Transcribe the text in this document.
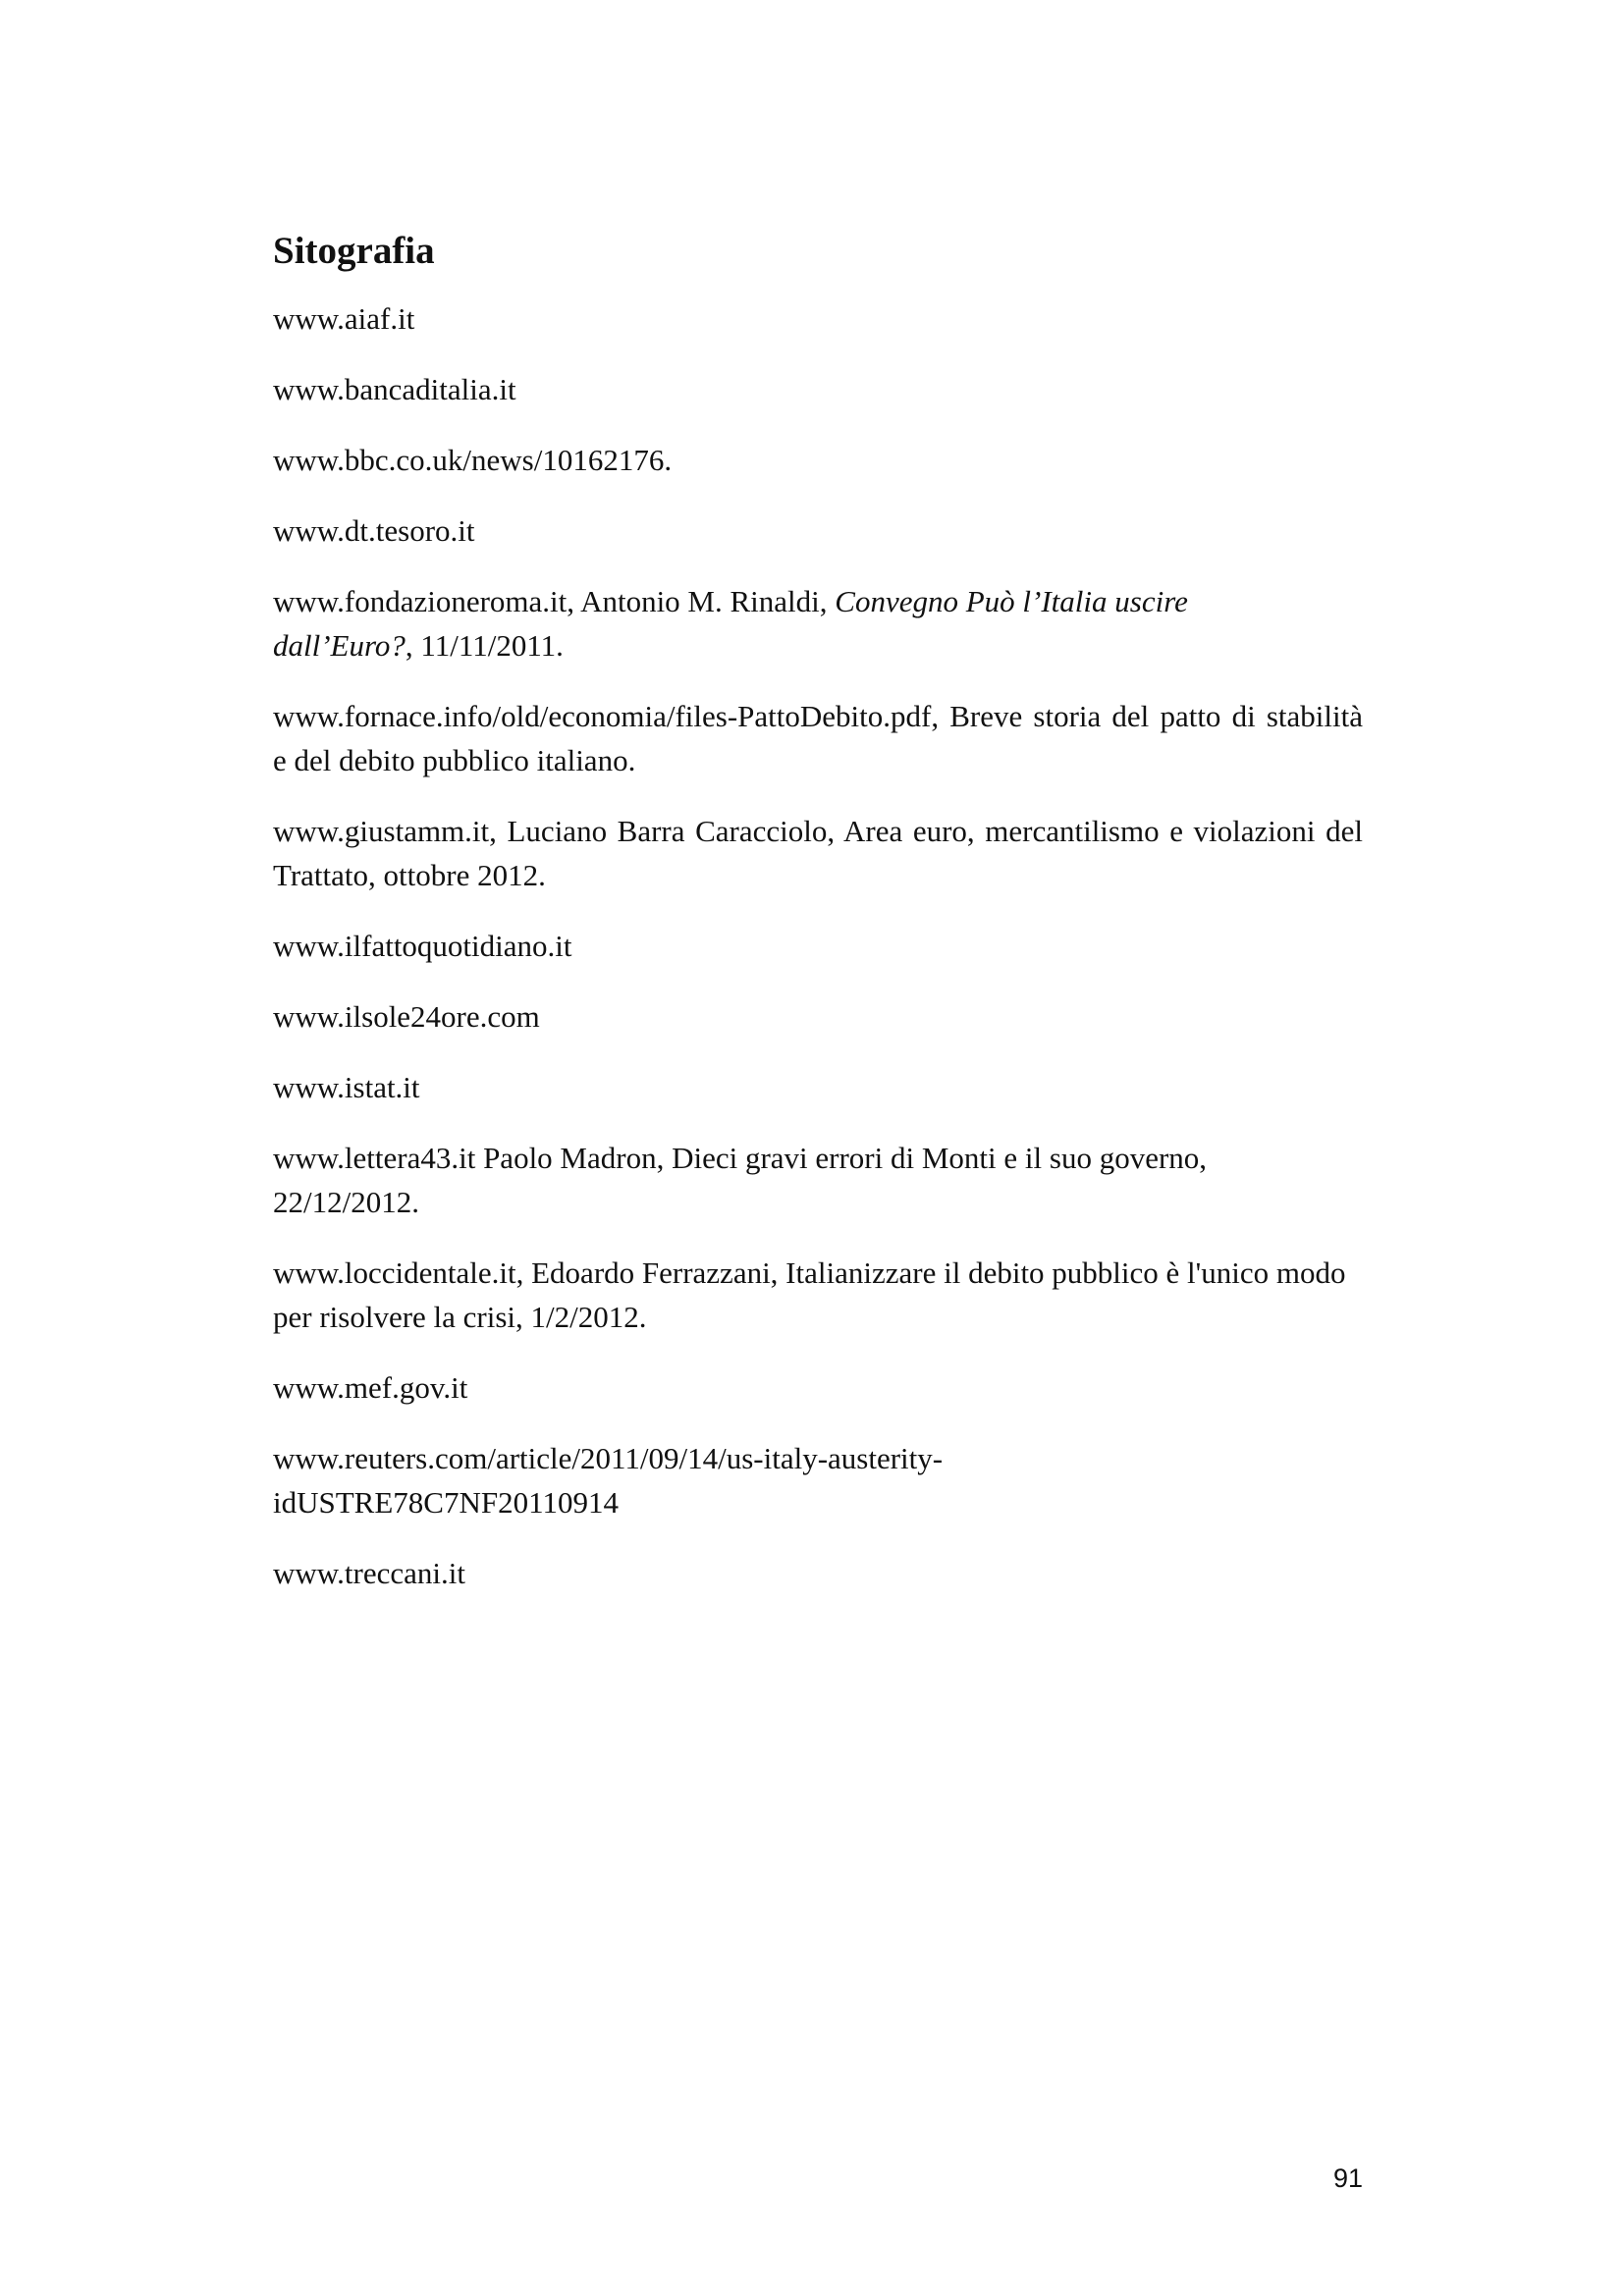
Sitografia
www.aiaf.it
www.bancaditalia.it
www.bbc.co.uk/news/10162176.
www.dt.tesoro.it
www.fondazioneroma.it, Antonio M. Rinaldi, Convegno Può l’Italia uscire dall’Euro?, 11/11/2011.
www.fornace.info/old/economia/files-PattoDebito.pdf, Breve storia del patto di stabilità e del debito pubblico italiano.
www.giustamm.it, Luciano Barra Caracciolo, Area euro, mercantilismo e violazioni del Trattato, ottobre 2012.
www.ilfattoquotidiano.it
www.ilsole24ore.com
www.istat.it
www.lettera43.it Paolo Madron, Dieci gravi errori di Monti e il suo governo, 22/12/2012.
www.loccidentale.it, Edoardo Ferrazzani, Italianizzare il debito pubblico è l'unico modo per risolvere la crisi, 1/2/2012.
www.mef.gov.it
www.reuters.com/article/2011/09/14/us-italy-austerity-idUSTRE78C7NF20110914
www.treccani.it
91
